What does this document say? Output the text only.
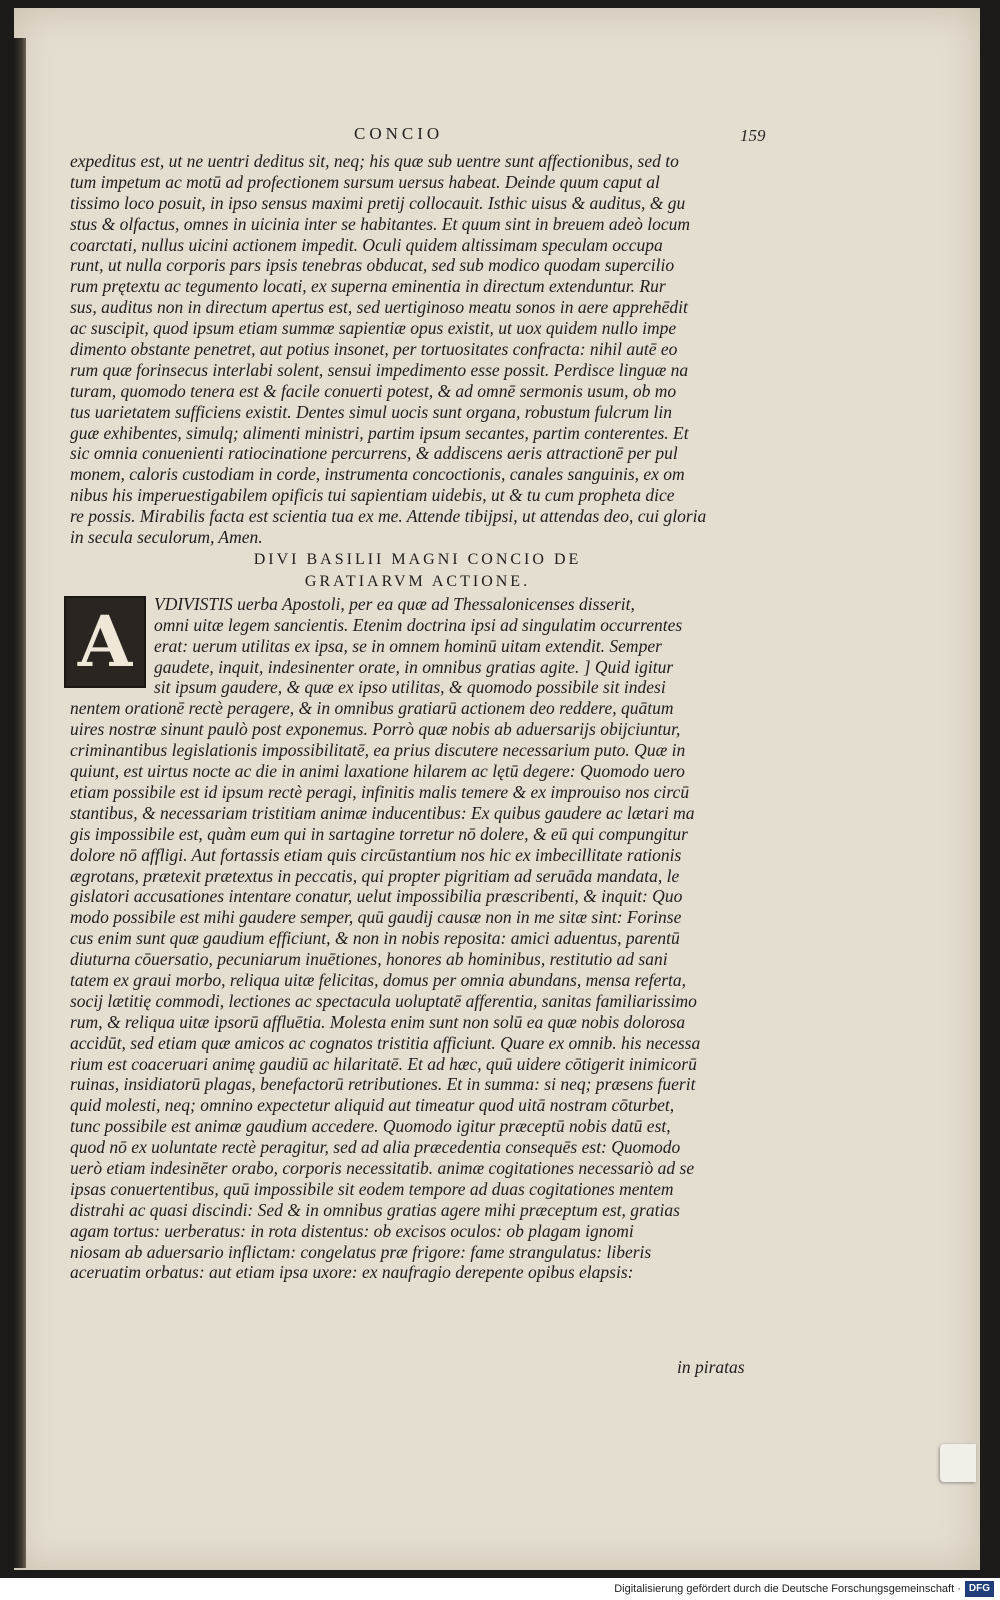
CONCIO	159
expeditus est, ut ne uentri deditus sit, neq; his quæ sub uentre sunt affectionibus, sed to
tum impetum ac motū ad profectionem sursum uersus habeat. Deinde quum caput al
tissimo loco posuit, in ipso sensus maximi pretij collocauit. Isthic uisus & auditus, & gu
stus & olfactus, omnes in uicinia inter se habitantes. Et quum sint in breuem adeò locum
coarctati, nullus uicini actionem impedit. Oculi quidem altissimam speculam occupa
runt, ut nulla corporis pars ipsis tenebras obducat, sed sub modico quodam supercilio
rum prętextu ac tegumento locati, ex superna eminentia in directum extenduntur. Rur
sus, auditus non in directum apertus est, sed uertiginoso meatu sonos in aere apprehēdit
ac suscipit, quod ipsum etiam summæ sapientiæ opus existit, ut uox quidem nullo impe
dimento obstante penetret, aut potius insonet, per tortuositates confracta: nihil autē eo
rum quæ forinsecus interlabi solent, sensui impedimento esse possit. Perdisce linguæ na
turam, quomodo tenera est & facile conuerti potest, & ad omnē sermonis usum, ob mo
tus uarietatem sufficiens existit. Dentes simul uocis sunt organa, robustum fulcrum lin
guæ exhibentes, simulq; alimenti ministri, partim ipsum secantes, partim conterentes. Et
sic omnia conuenienti ratiocinatione percurrens, & addiscens aeris attractionē per pul
monem, caloris custodiam in corde, instrumenta concoctionis, canales sanguinis, ex om
nibus his imperuestigabilem opificis tui sapientiam uidebis, ut & tu cum propheta dice
re possis. Mirabilis facta est scientia tua ex me. Attende tibijpsi, ut attendas deo, cui gloria
in secula seculorum, Amen.
DIVI BASILII MAGNI CONCIO DE
GRATIARVM ACTIONE.
A	VDIVISTIS uerba Apostoli, per ea quæ ad Thessalonicenses disserit,
omni uitæ legem sancientis. Etenim doctrina ipsi ad singulatim occurrentes
erat: uerum utilitas ex ipsa, se in omnem hominū uitam extendit. Semper
gaudete, inquit, indesinenter orate, in omnibus gratias agite. ] Quid igitur
sit ipsum gaudere, & quæ ex ipso utilitas, & quomodo possibile sit indesi
nentem orationē rectè peragere, & in omnibus gratiarū actionem deo reddere, quātum
uires nostræ sinunt paulò post exponemus. Porrò quæ nobis ab aduersarijs obijciuntur,
criminantibus legislationis impossibilitatē, ea prius discutere necessarium puto. Quæ in
quiunt, est uirtus nocte ac die in animi laxatione hilarem ac lętū degere: Quomodo uero
etiam possibile est id ipsum rectè peragi, infinitis malis temere & ex improuiso nos circū
stantibus, & necessariam tristitiam animæ inducentibus: Ex quibus gaudere ac lætari ma
gis impossibile est, quàm eum qui in sartagine torretur nō dolere, & eū qui compungitur
dolore nō affligi. Aut fortassis etiam quis circūstantium nos hic ex imbecillitate rationis
ægrotans, prætexit prætextus in peccatis, qui propter pigritiam ad seruāda mandata, le
gislatori accusationes intentare conatur, uelut impossibilia præscribenti, & inquit: Quo
modo possibile est mihi gaudere semper, quū gaudij causæ non in me sitæ sint: Forinse
cus enim sunt quæ gaudium efficiunt, & non in nobis reposita: amici aduentus, parentū
diuturna cōuersatio, pecuniarum inuētiones, honores ab hominibus, restitutio ad sani
tatem ex graui morbo, reliqua uitæ felicitas, domus per omnia abundans, mensa referta,
socij lætitię commodi, lectiones ac spectacula uoluptatē afferentia, sanitas familiarissimo
rum, & reliqua uitæ ipsorū affluētia. Molesta enim sunt non solū ea quæ nobis dolorosa
accidūt, sed etiam quæ amicos ac cognatos tristitia afficiunt. Quare ex omnib. his necessa
rium est coaceruari animę gaudiū ac hilaritatē. Et ad hæc, quū uidere cōtigerit inimicorū
ruinas, insidiatorū plagas, benefactorū retributiones. Et in summa: si neq; præsens fuerit
quid molesti, neq; omnino expectetur aliquid aut timeatur quod uitā nostram cōturbet,
tunc possibile est animæ gaudium accedere. Quomodo igitur præceptū nobis datū est,
quod nō ex uoluntate rectè peragitur, sed ad alia præcedentia consequēs est: Quomodo
uerò etiam indesinēter orabo, corporis necessitatib. animæ cogitationes necessariò ad se
ipsas conuertentibus, quū impossibile sit eodem tempore ad duas cogitationes mentem
distrahi ac quasi discindi: Sed & in omnibus gratias agere mihi præceptum est, gratias
agam tortus: uerberatus: in rota distentus: ob excisos oculos: ob plagam ignomi
niosam ab aduersario inflictam: congelatus præ frigore: fame strangulatus: liberis
aceruatim orbatus: aut etiam ipsa uxore: ex naufragio derepente opibus elapsis:
in piratas
Digitalisierung gefördert durch die Deutsche Forschungsgemeinschaft · DFG
